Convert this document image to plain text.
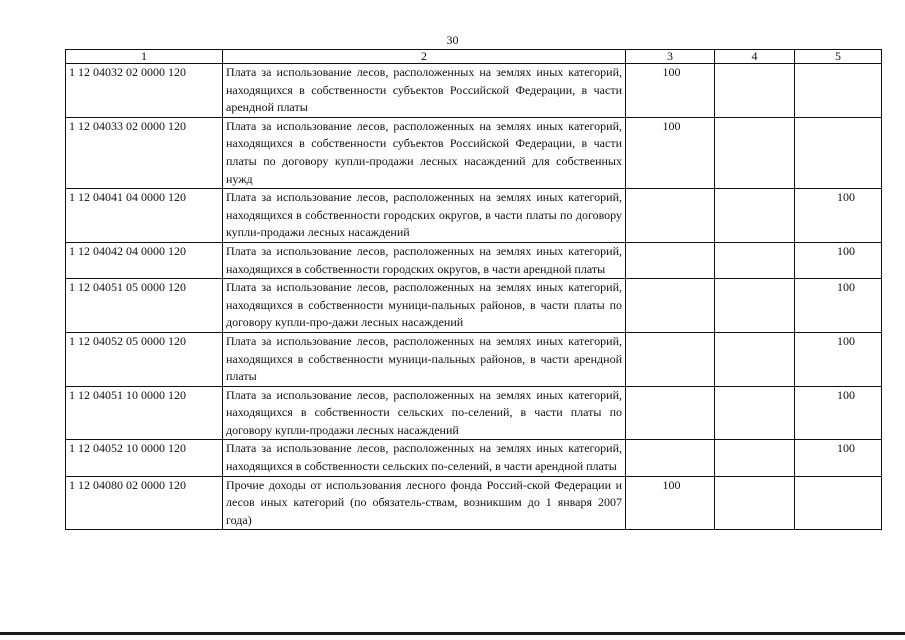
30
1	2	3	4	5
1 12 04032 02 0000 120	Плата за использование лесов, расположенных на землях иных категорий, находящихся в собственности субъектов Российской Федерации, в части арендной платы	100		
1 12 04033 02 0000 120	Плата за использование лесов, расположенных на землях иных категорий, находящихся в собственности субъектов Российской Федерации, в части платы по договору купли-продажи лесных насаждений для собственных нужд	100		
1 12 04041 04 0000 120	Плата за использование лесов, расположенных на землях иных категорий, находящихся в собственности городских округов, в части платы по договору купли-продажи лесных насаждений			100
1 12 04042 04 0000 120	Плата за использование лесов, расположенных на землях иных категорий, находящихся в собственности городских округов, в части арендной платы			100
1 12 04051 05 0000 120	Плата за использование лесов, расположенных на землях иных категорий, находящихся в собственности муници-пальных районов, в части платы по договору купли-про-дажи лесных насаждений			100
1 12 04052 05 0000 120	Плата за использование лесов, расположенных на землях иных категорий, находящихся в собственности муници-пальных районов, в части арендной платы			100
1 12 04051 10 0000 120	Плата за использование лесов, расположенных на землях иных категорий, находящихся в собственности сельских по-селений, в части платы по договору купли-продажи лесных насаждений			100
1 12 04052 10 0000 120	Плата за использование лесов, расположенных на землях иных категорий, находящихся в собственности сельских по-селений, в части арендной платы			100
1 12 04080 02 0000 120	Прочие доходы от использования лесного фонда Россий-ской Федерации и лесов иных категорий (по обязатель-ствам, возникшим до 1 января 2007 года)	100		
